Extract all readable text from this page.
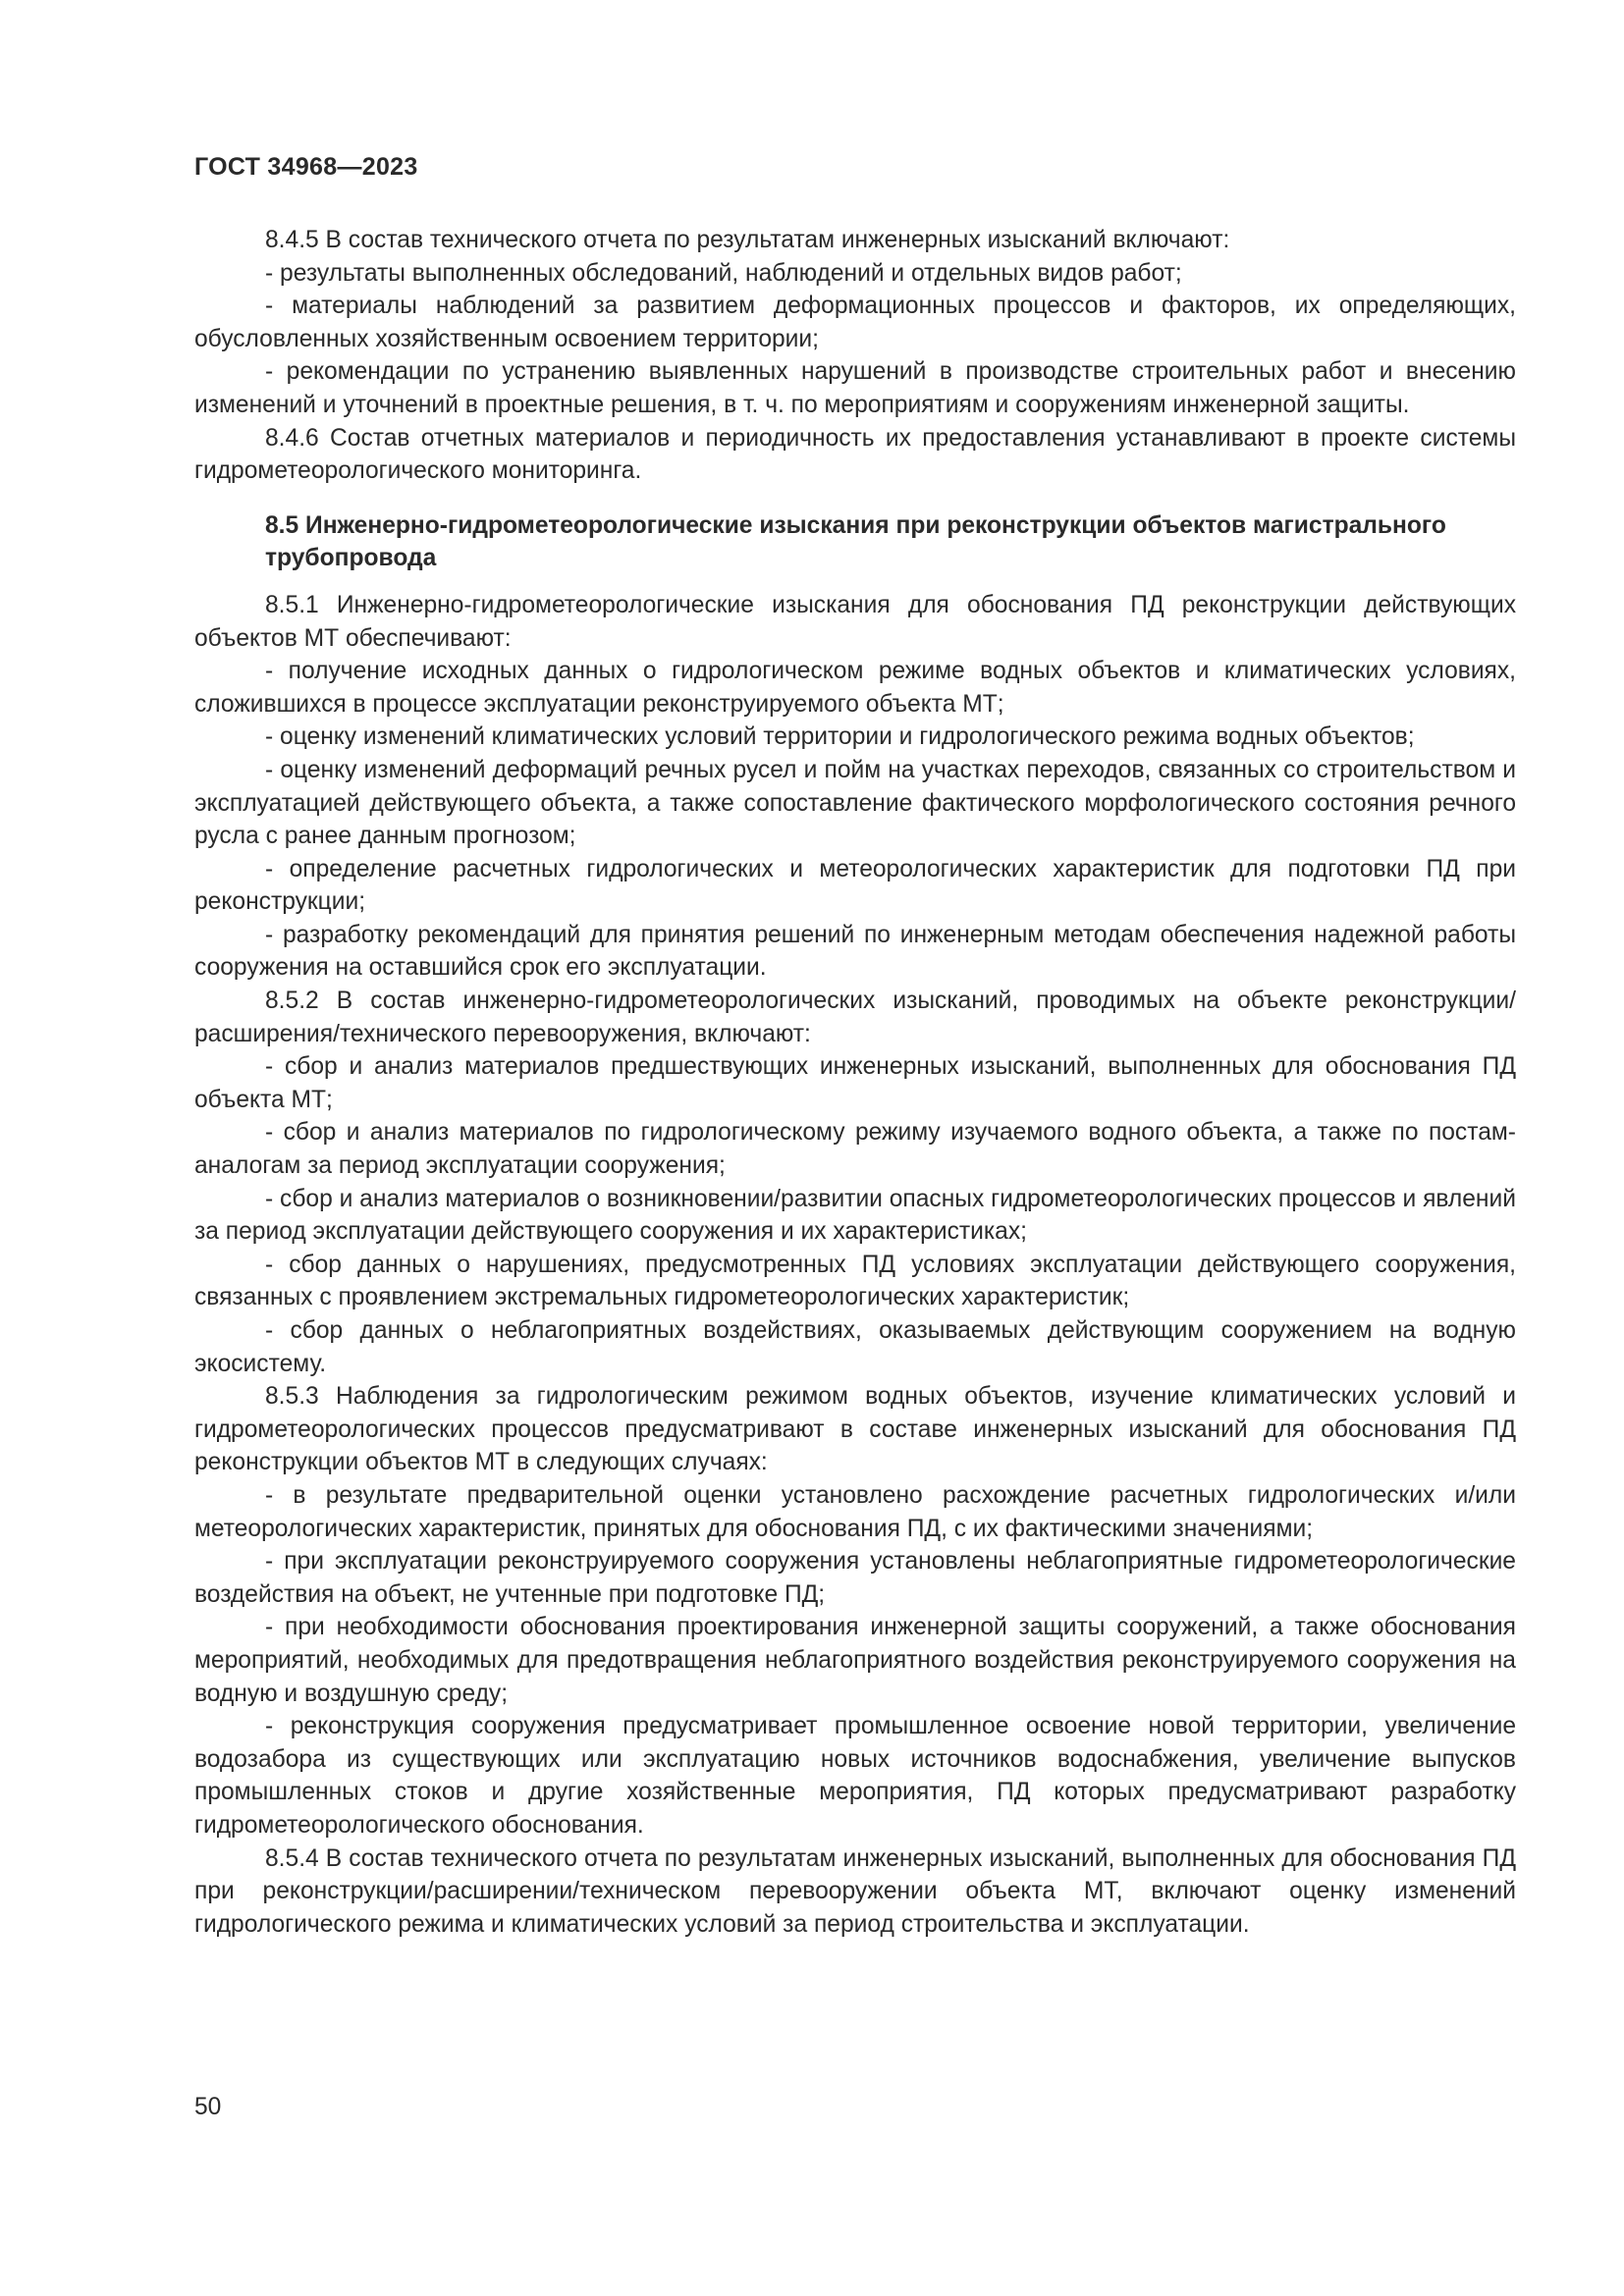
ГОСТ 34968—2023

8.4.5 В состав технического отчета по результатам инженерных изысканий включают:

- результаты выполненных обследований, наблюдений и отдельных видов работ;

- материалы наблюдений за развитием деформационных процессов и факторов, их определяющих, обусловленных хозяйственным освоением территории;

- рекомендации по устранению выявленных нарушений в производстве строительных работ и внесению изменений и уточнений в проектные решения, в т. ч. по мероприятиям и сооружениям инженерной защиты.

8.4.6 Состав отчетных материалов и периодичность их предоставления устанавливают в проекте системы гидрометеорологического мониторинга.

8.5 Инженерно-гидрометеорологические изыскания при реконструкции объектов магистрального трубопровода

8.5.1 Инженерно-гидрометеорологические изыскания для обоснования ПД реконструкции действующих объектов МТ обеспечивают:

- получение исходных данных о гидрологическом режиме водных объектов и климатических условиях, сложившихся в процессе эксплуатации реконструируемого объекта МТ;

- оценку изменений климатических условий территории и гидрологического режима водных объектов;

- оценку изменений деформаций речных русел и пойм на участках переходов, связанных со строительством и эксплуатацией действующего объекта, а также сопоставление фактического морфологического состояния речного русла с ранее данным прогнозом;

- определение расчетных гидрологических и метеорологических характеристик для подготовки ПД при реконструкции;

- разработку рекомендаций для принятия решений по инженерным методам обеспечения надежной работы сооружения на оставшийся срок его эксплуатации.

8.5.2 В состав инженерно-гидрометеорологических изысканий, проводимых на объекте реконструкции/расширения/технического перевооружения, включают:

- сбор и анализ материалов предшествующих инженерных изысканий, выполненных для обоснования ПД объекта МТ;

- сбор и анализ материалов по гидрологическому режиму изучаемого водного объекта, а также по постам-аналогам за период эксплуатации сооружения;

- сбор и анализ материалов о возникновении/развитии опасных гидрометеорологических процессов и явлений за период эксплуатации действующего сооружения и их характеристиках;

- сбор данных о нарушениях, предусмотренных ПД условиях эксплуатации действующего сооружения, связанных с проявлением экстремальных гидрометеорологических характеристик;

- сбор данных о неблагоприятных воздействиях, оказываемых действующим сооружением на водную экосистему.

8.5.3 Наблюдения за гидрологическим режимом водных объектов, изучение климатических условий и гидрометеорологических процессов предусматривают в составе инженерных изысканий для обоснования ПД реконструкции объектов МТ в следующих случаях:

- в результате предварительной оценки установлено расхождение расчетных гидрологических и/или метеорологических характеристик, принятых для обоснования ПД, с их фактическими значениями;

- при эксплуатации реконструируемого сооружения установлены неблагоприятные гидрометеорологические воздействия на объект, не учтенные при подготовке ПД;

- при необходимости обоснования проектирования инженерной защиты сооружений, а также обоснования мероприятий, необходимых для предотвращения неблагоприятного воздействия реконструируемого сооружения на водную и воздушную среду;

- реконструкция сооружения предусматривает промышленное освоение новой территории, увеличение водозабора из существующих или эксплуатацию новых источников водоснабжения, увеличение выпусков промышленных стоков и другие хозяйственные мероприятия, ПД которых предусматривают разработку гидрометеорологического обоснования.

8.5.4 В состав технического отчета по результатам инженерных изысканий, выполненных для обоснования ПД при реконструкции/расширении/техническом перевооружении объекта МТ, включают оценку изменений гидрологического режима и климатических условий за период строительства и эксплуатации.

50
